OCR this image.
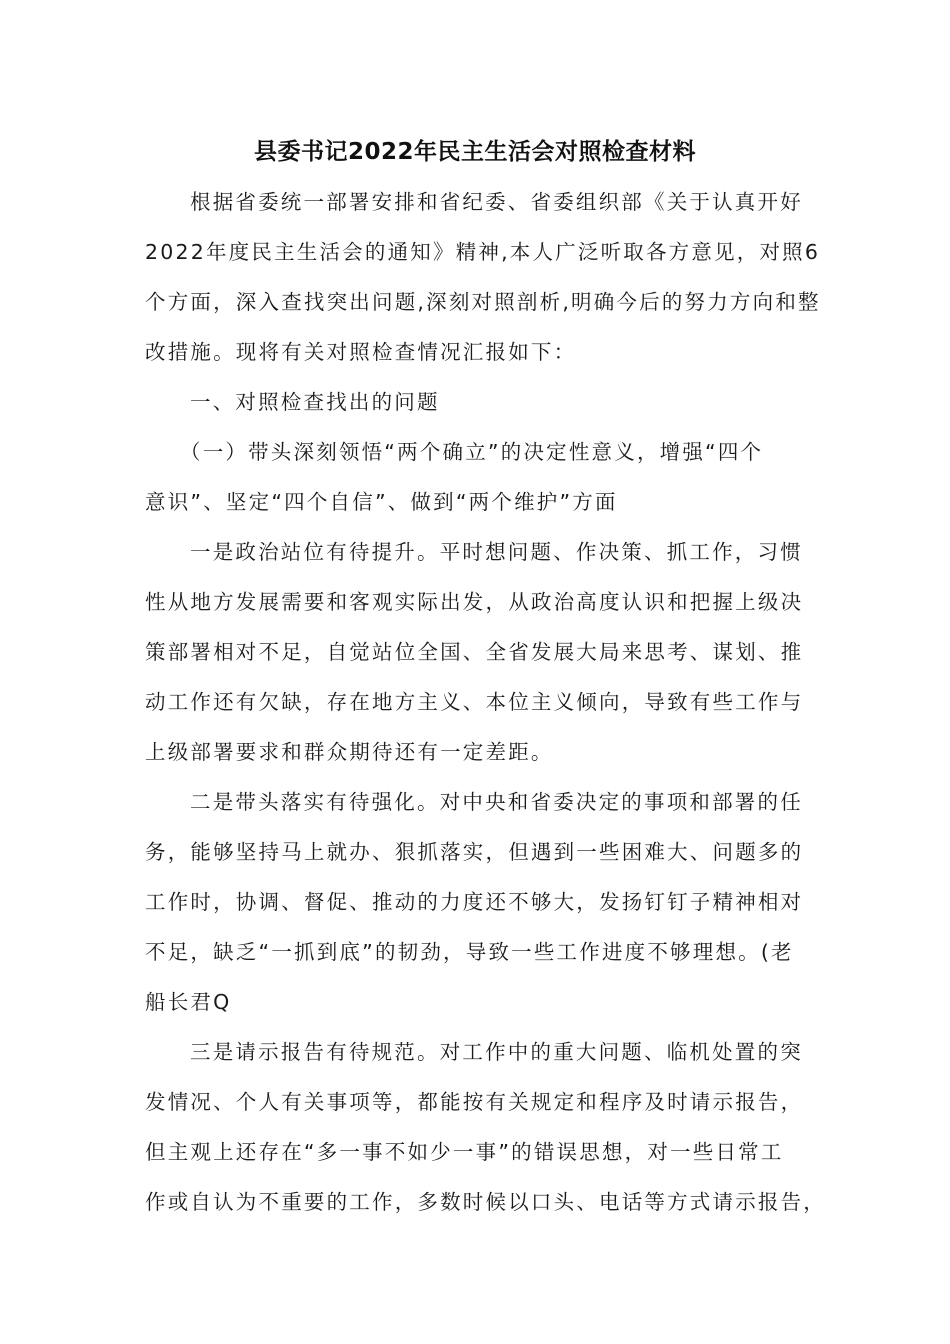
县委书记2022年民主生活会对照检查材料
根据省委统一部署安排和省纪委、省委组织部《关于认真开好
2022年度民主生活会的通知》精神,本人广泛听取各方意见，对照6
个方面，深入查找突出问题,深刻对照剖析,明确今后的努力方向和整
改措施。现将有关对照检查情况汇报如下：
一、对照检查找出的问题
（一）带头深刻领悟“两个确立”的决定性意义，增强“四个
意识”、坚定“四个自信”、做到“两个维护”方面
一是政治站位有待提升。平时想问题、作决策、抓工作，习惯
性从地方发展需要和客观实际出发，从政治高度认识和把握上级决
策部署相对不足，自觉站位全国、全省发展大局来思考、谋划、推
动工作还有欠缺，存在地方主义、本位主义倾向，导致有些工作与
上级部署要求和群众期待还有一定差距。
二是带头落实有待强化。对中央和省委决定的事项和部署的任
务，能够坚持马上就办、狠抓落实，但遇到一些困难大、问题多的
工作时，协调、督促、推动的力度还不够大，发扬钉钉子精神相对
不足，缺乏“一抓到底”的韧劲，导致一些工作进度不够理想。(老
船长君Q
三是请示报告有待规范。对工作中的重大问题、临机处置的突
发情况、个人有关事项等，都能按有关规定和程序及时请示报告，
但主观上还存在“多一事不如少一事”的错误思想，对一些日常工
作或自认为不重要的工作，多数时候以口头、电话等方式请示报告，
